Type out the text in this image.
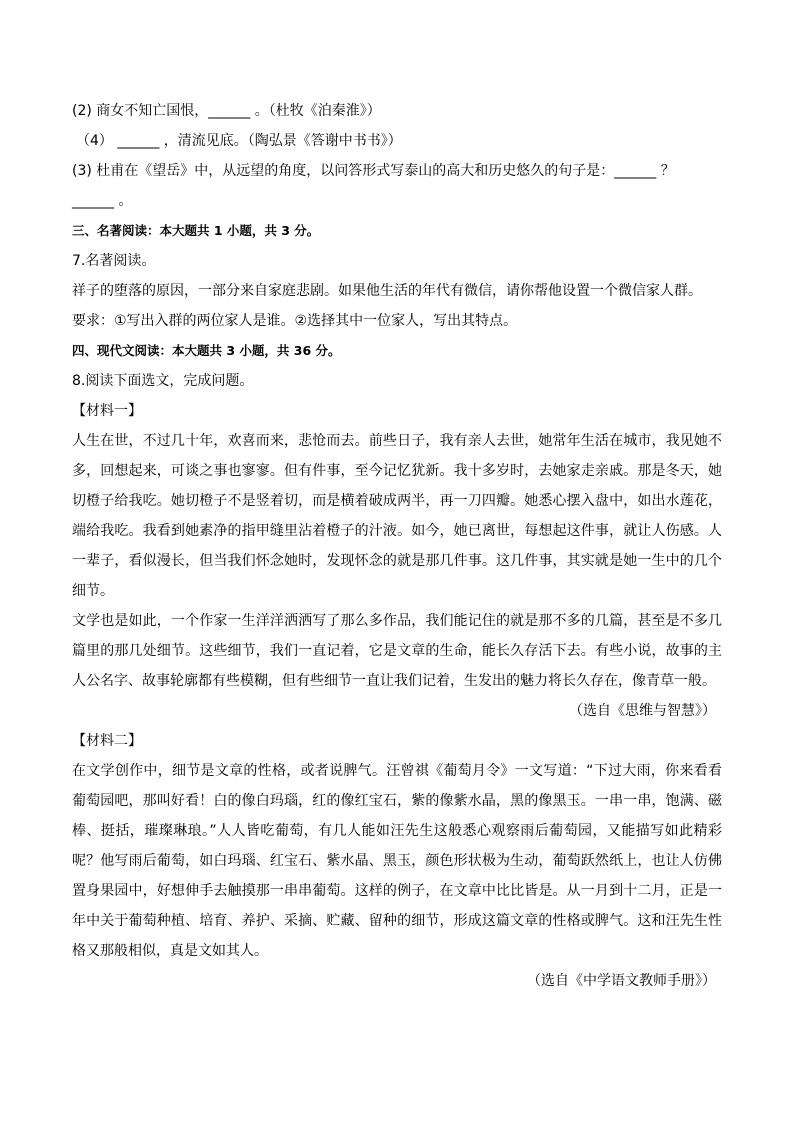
(2) 商女不知亡国恨，______ 。（杜牧《泊秦淮》）
（4） ______ ，清流见底。（陶弘景《答谢中书书》）
(3) 杜甫在《望岳》中，从远望的角度，以问答形式写泰山的高大和历史悠久的句子是：______ ？
______ 。
三、名著阅读：本大题共 1 小题，共 3 分。
7.名著阅读。
祥子的堕落的原因，一部分来自家庭悲剧。如果他生活的年代有微信，请你帮他设置一个微信家人群。
要求：①写出入群的两位家人是谁。②选择其中一位家人，写出其特点。
四、现代文阅读：本大题共 3 小题，共 36 分。
8.阅读下面选文，完成问题。
【材料一】

人生在世，不过几十年，欢喜而来，悲怆而去。前些日子，我有亲人去世，她常年生活在城市，我见她不多，回想起来，可谈之事也寥寥。但有件事，至今记忆犹新。我十多岁时，去她家走亲戚。那是冬天，她切橙子给我吃。她切橙子不是竖着切，而是横着破成两半，再一刀四瓣。她悉心摆入盘中，如出水莲花，端给我吃。我看到她素净的指甲缝里沾着橙子的汁液。如今，她已离世，每想起这件事，就让人伤感。人一辈子，看似漫长，但当我们怀念她时，发现怀念的就是那几件事。这几件事，其实就是她一生中的几个细节。

文学也是如此，一个作家一生洋洋洒洒写了那么多作品，我们能记住的就是那不多的几篇，甚至是不多几篇里的那几处细节。这些细节，我们一直记着，它是文章的生命，能长久存活下去。有些小说，故事的主人公名字、故事轮廓都有些模糊，但有些细节一直让我们记着，生发出的魅力将长久存在，像青草一般。

（选自《思维与智慧》）
【材料二】

在文学创作中，细节是文章的性格，或者说脾气。汪曾祺《葡萄月令》一文写道：“下过大雨，你来看看葡萄园吧，那叫好看！白的像白玛瑙，红的像红宝石，紫的像紫水晶，黑的像黑玉。一串一串，饱满、磁棒、挺括，璀璨琳琅。”人人皆吃葡萄，有几人能如汪先生这般悉心观察雨后葡萄园，又能描写如此精彩呢？他写雨后葡萄，如白玛瑙、红宝石、紫水晶、黑玉，颜色形状极为生动，葡萄跃然纸上，也让人仿佛置身果园中，好想伸手去触摸那一串串葡萄。这样的例子，在文章中比比皆是。从一月到十二月，正是一年中关于葡萄种植、培育、养护、采摘、贮藏、留种的细节，形成这篇文章的性格或脾气。这和汪先生性格又那般相似，真是文如其人。

（选自《中学语文教师手册》）
